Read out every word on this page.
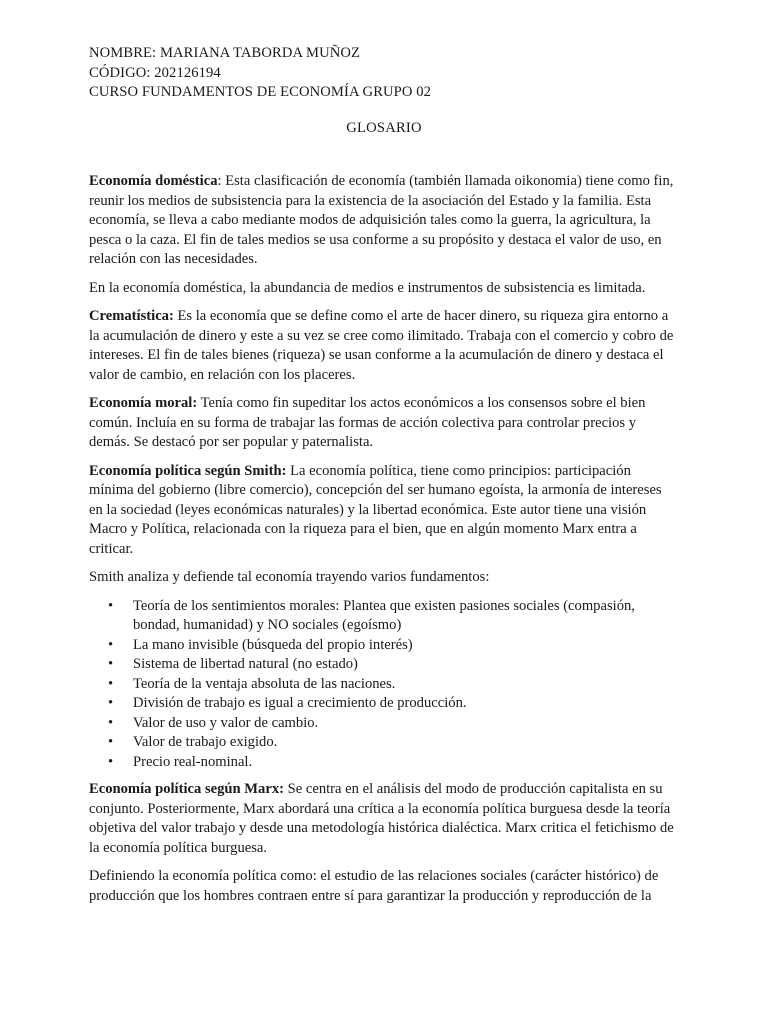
NOMBRE: MARIANA TABORDA MUÑOZ

CÓDIGO: 202126194

CURSO FUNDAMENTOS DE ECONOMÍA GRUPO 02

GLOSARIO

Economía doméstica: Esta clasificación de economía (también llamada oikonomia) tiene como fin, reunir los medios de subsistencia para la existencia de la asociación del Estado y la familia. Esta economía, se lleva a cabo mediante modos de adquisición tales como la guerra, la agricultura, la pesca o la caza. El fin de tales medios se usa conforme a su propósito y destaca el valor de uso, en relación con las necesidades.

En la economía doméstica, la abundancia de medios e instrumentos de subsistencia es limitada.

Crematística: Es la economía que se define como el arte de hacer dinero, su riqueza gira entorno a la acumulación de dinero y este a su vez se cree como ilimitado. Trabaja con el comercio y cobro de intereses. El fin de tales bienes (riqueza) se usan conforme a la acumulación de dinero y destaca el valor de cambio, en relación con los placeres.

Economía moral: Tenía como fin supeditar los actos económicos a los consensos sobre el bien común. Incluía en su forma de trabajar las formas de acción colectiva para controlar precios y demás. Se destacó por ser popular y paternalista.

Economía política según Smith: La economía política, tiene como principios: participación mínima del gobierno (libre comercio), concepción del ser humano egoísta, la armonía de intereses en la sociedad (leyes económicas naturales) y la libertad económica. Este autor tiene una visión Macro y Política, relacionada con la riqueza para el bien, que en algún momento Marx entra a criticar.

Smith analiza y defiende tal economía trayendo varios fundamentos:

• Teoría de los sentimientos morales: Plantea que existen pasiones sociales (compasión, bondad, humanidad) y NO sociales (egoísmo)
• La mano invisible (búsqueda del propio interés)
• Sistema de libertad natural (no estado)
• Teoría de la ventaja absoluta de las naciones.
• División de trabajo es igual a crecimiento de producción.
• Valor de uso y valor de cambio.
• Valor de trabajo exigido.
• Precio real-nominal.

Economía política según Marx: Se centra en el análisis del modo de producción capitalista en su conjunto. Posteriormente, Marx abordará una crítica a la economía política burguesa desde la teoría objetiva del valor trabajo y desde una metodología histórica dialéctica. Marx critica el fetichismo de la economía política burguesa.

Definiendo la economía política como: el estudio de las relaciones sociales (carácter histórico) de producción que los hombres contraen entre sí para garantizar la producción y reproducción de la
